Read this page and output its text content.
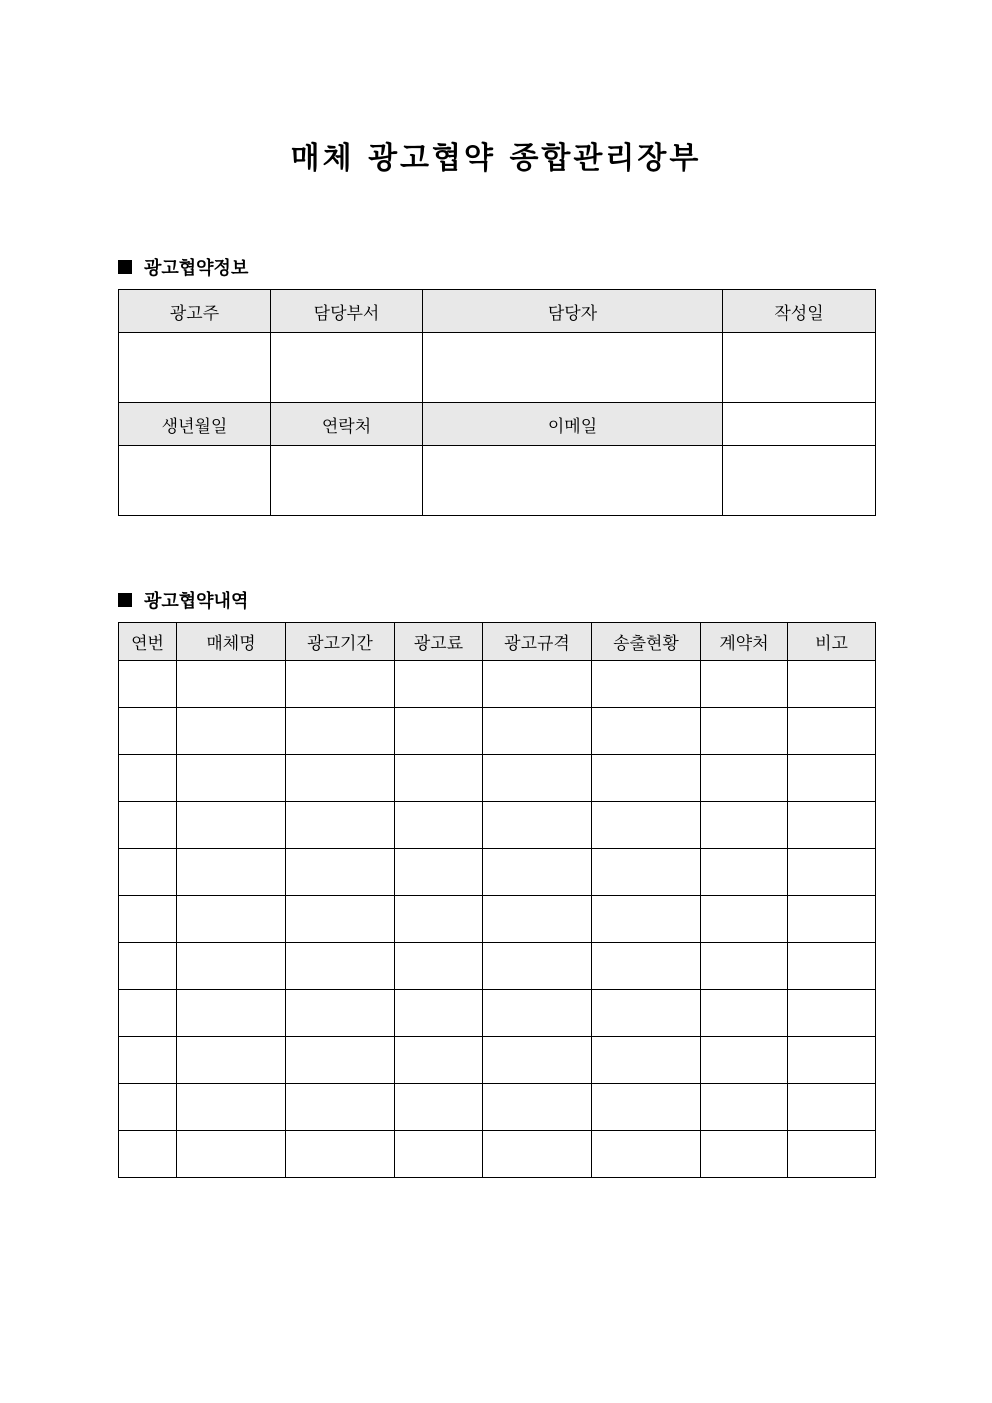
매체 광고협약 종합관리장부
광고협약정보
광고주	담당부서	담당자	작성일

생년월일	연락처	이메일	

광고협약내역
연번	매체명	광고기간	광고료	광고규격	송출현황	계약처	비고
